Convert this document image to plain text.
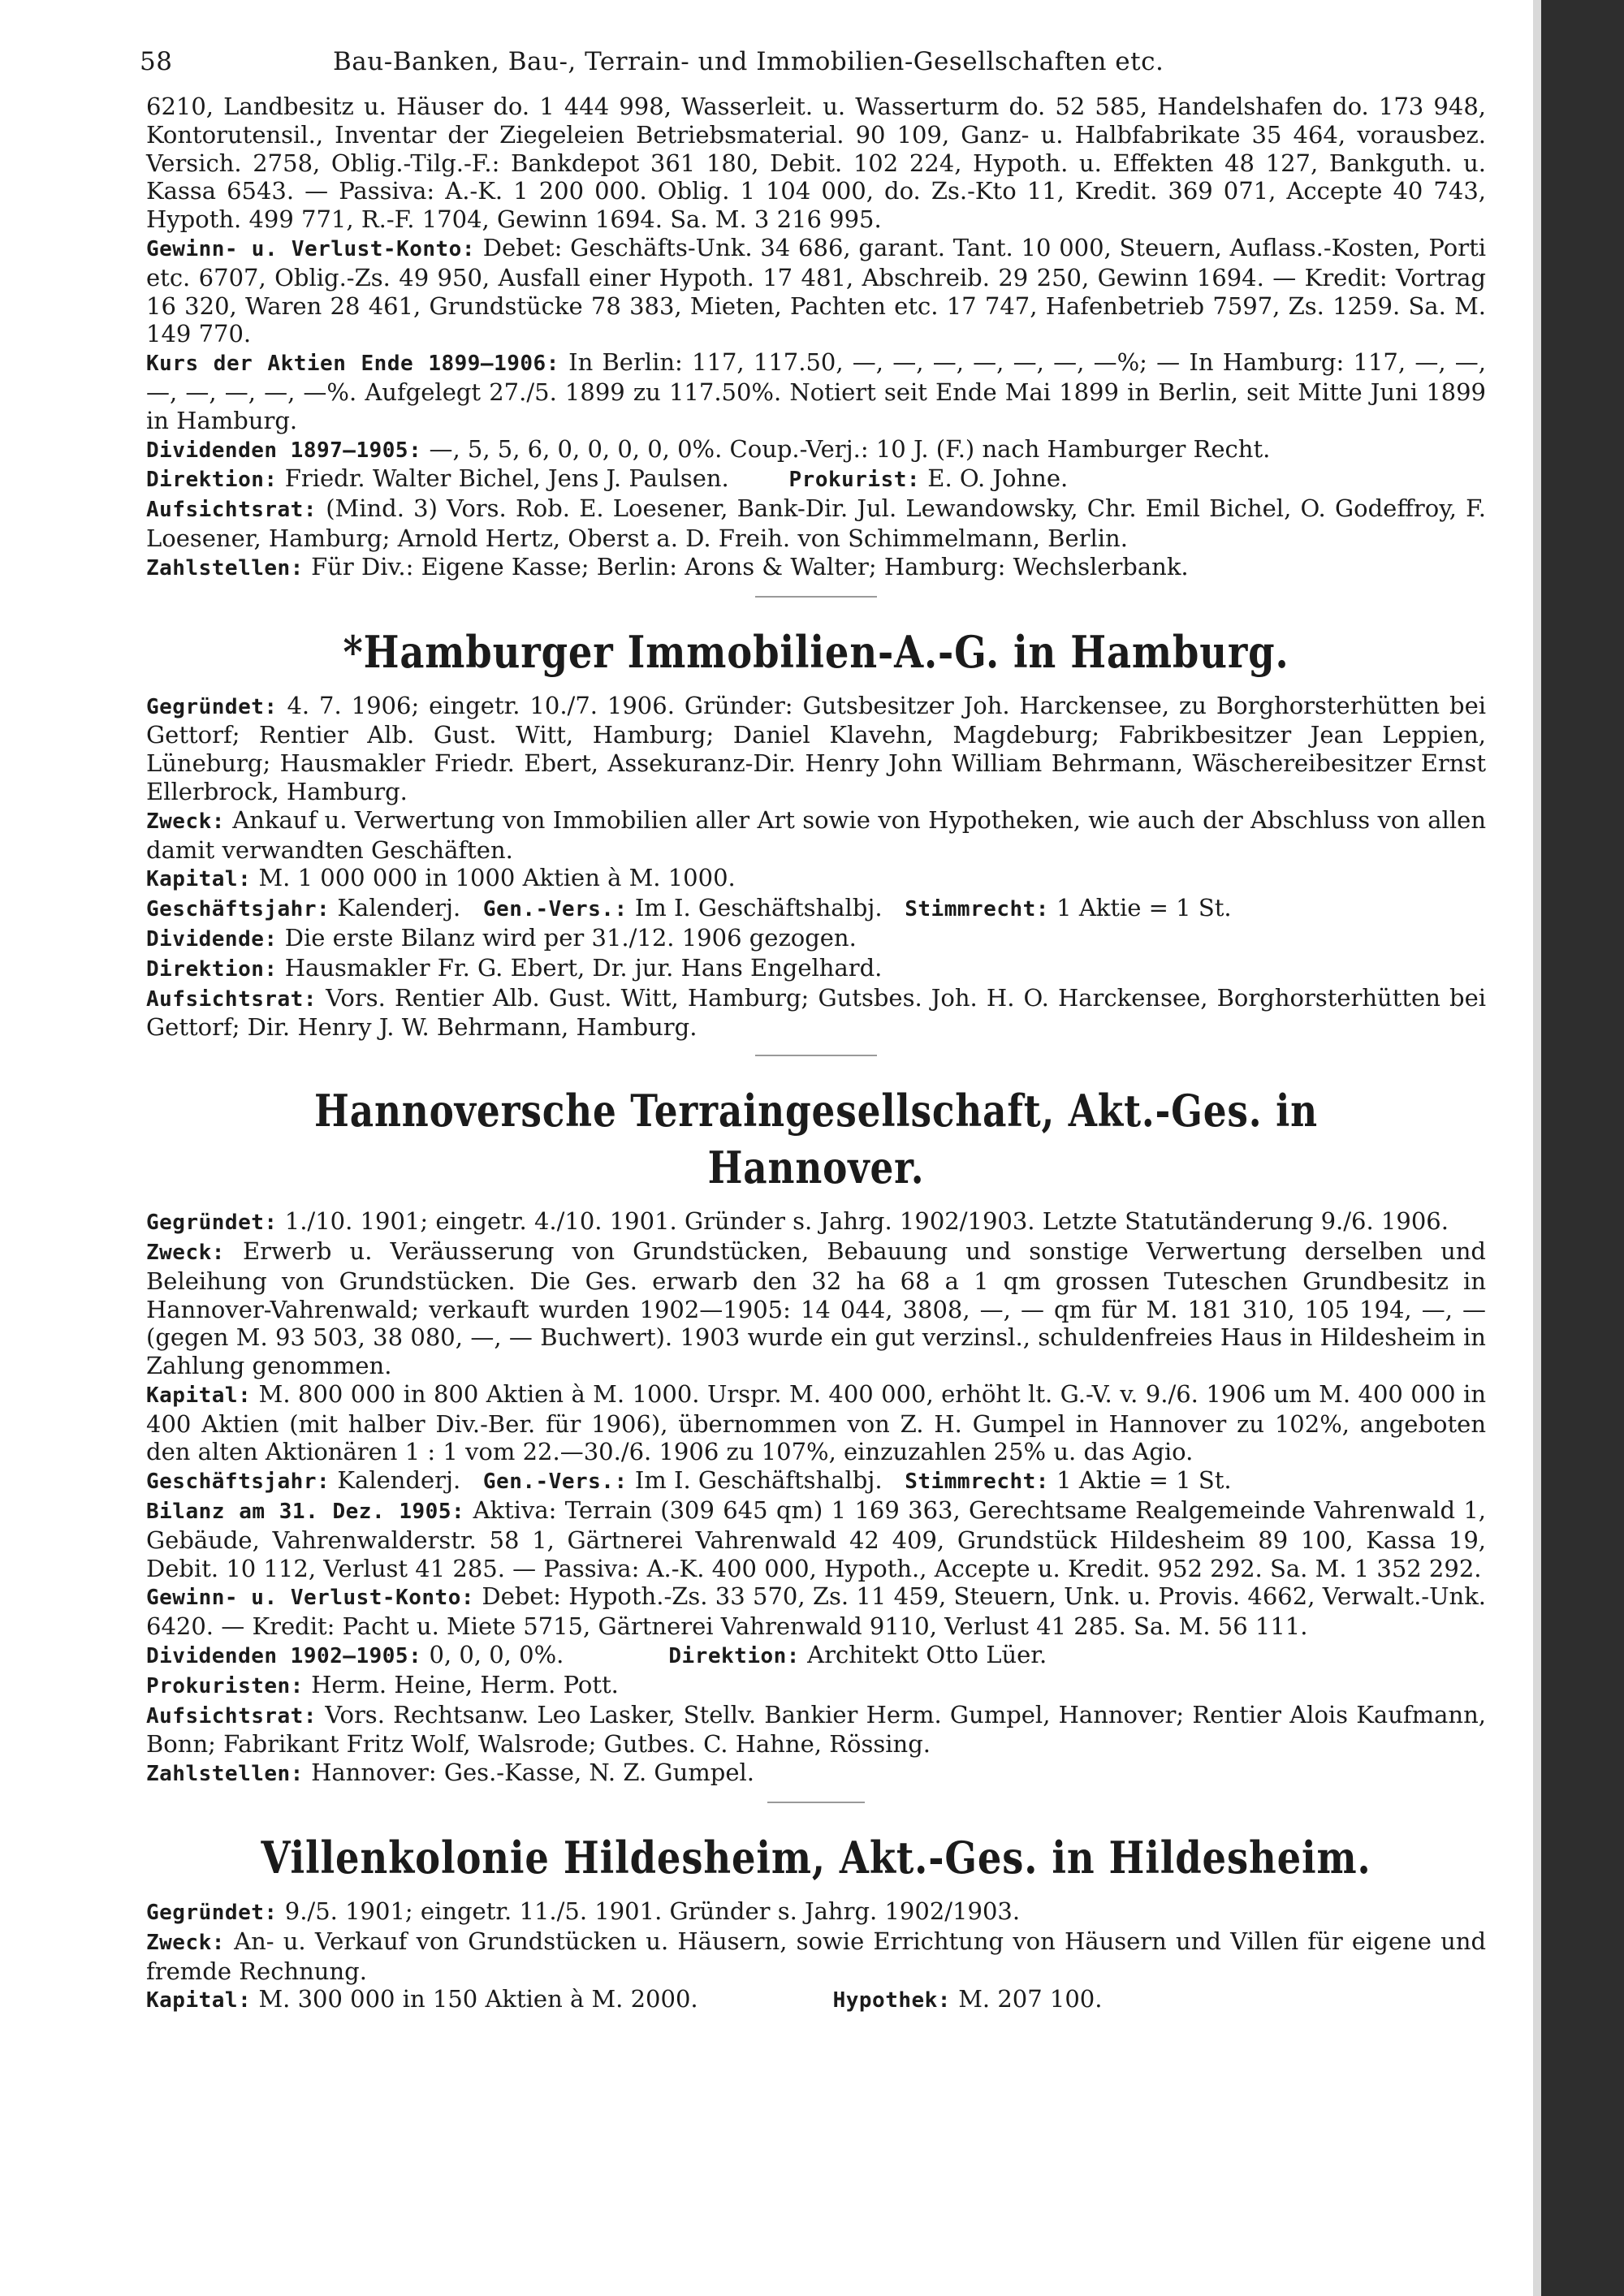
58	Bau-Banken, Bau-, Terrain- und Immobilien-Gesellschaften etc.

6210, Landbesitz u. Häuser do. 1 444 998, Wasserleit. u. Wasserturm do. 52 585, Handelshafen do. 173 948, Kontorutensil., Inventar der Ziegeleien Betriebsmaterial. 90 109, Ganz- u. Halbfabrikate 35 464, vorausbez. Versich. 2758, Oblig.-Tilg.-F.: Bankdepot 361 180, Debit. 102 224, Hypoth. u. Effekten 48 127, Bankguth. u. Kassa 6543. — Passiva: A.-K. 1 200 000. Oblig. 1 104 000, do. Zs.-Kto 11, Kredit. 369 071, Accepte 40 743, Hypoth. 499 771, R.-F. 1704, Gewinn 1694. Sa. M. 3 216 995.

Gewinn- u. Verlust-Konto: Debet: Geschäfts-Unk. 34 686, garant. Tant. 10 000, Steuern, Auflass.-Kosten, Porti etc. 6707, Oblig.-Zs. 49 950, Ausfall einer Hypoth. 17 481, Abschreib. 29 250, Gewinn 1694. — Kredit: Vortrag 16 320, Waren 28 461, Grundstücke 78 383, Mieten, Pachten etc. 17 747, Hafenbetrieb 7597, Zs. 1259. Sa. M. 149 770.

Kurs der Aktien Ende 1899—1906: In Berlin: 117, 117.50, —, —, —, —, —, —, —%; — In Hamburg: 117, —, —, —, —, —, —, —%. Aufgelegt 27./5. 1899 zu 117.50%. Notiert seit Ende Mai 1899 in Berlin, seit Mitte Juni 1899 in Hamburg.

Dividenden 1897—1905: —, 5, 5, 6, 0, 0, 0, 0, 0%. Coup.-Verj.: 10 J. (F.) nach Hamburger Recht.

Direktion: Friedr. Walter Bichel, Jens J. Paulsen.	Prokurist: E. O. Johne.

Aufsichtsrat: (Mind. 3) Vors. Rob. E. Loesener, Bank-Dir. Jul. Lewandowsky, Chr. Emil Bichel, O. Godeffroy, F. Loesener, Hamburg; Arnold Hertz, Oberst a. D. Freih. von Schimmelmann, Berlin.

Zahlstellen: Für Div.: Eigene Kasse; Berlin: Arons & Walter; Hamburg: Wechslerbank.

*Hamburger Immobilien-A.-G. in Hamburg.

Gegründet: 4. 7. 1906; eingetr. 10./7. 1906. Gründer: Gutsbesitzer Joh. Harckensee, zu Borghorsterhütten bei Gettorf; Rentier Alb. Gust. Witt, Hamburg; Daniel Klavehn, Magdeburg; Fabrikbesitzer Jean Leppien, Lüneburg; Hausmakler Friedr. Ebert, Assekuranz-Dir. Henry John William Behrmann, Wäschereibesitzer Ernst Ellerbrock, Hamburg.

Zweck: Ankauf u. Verwertung von Immobilien aller Art sowie von Hypotheken, wie auch der Abschluss von allen damit verwandten Geschäften.

Kapital: M. 1 000 000 in 1000 Aktien à M. 1000.

Geschäftsjahr: Kalenderj. Gen.-Vers.: Im I. Geschäftshalbj. Stimmrecht: 1 Aktie = 1 St.

Dividende: Die erste Bilanz wird per 31./12. 1906 gezogen.

Direktion: Hausmakler Fr. G. Ebert, Dr. jur. Hans Engelhard.

Aufsichtsrat: Vors. Rentier Alb. Gust. Witt, Hamburg; Gutsbes. Joh. H. O. Harckensee, Borghorsterhütten bei Gettorf; Dir. Henry J. W. Behrmann, Hamburg.

Hannoversche Terraingesellschaft, Akt.-Ges. in Hannover.

Gegründet: 1./10. 1901; eingetr. 4./10. 1901. Gründer s. Jahrg. 1902/1903. Letzte Statutänderung 9./6. 1906.

Zweck: Erwerb u. Veräusserung von Grundstücken, Bebauung und sonstige Verwertung derselben und Beleihung von Grundstücken. Die Ges. erwarb den 32 ha 68 a 1 qm grossen Tuteschen Grundbesitz in Hannover-Vahrenwald; verkauft wurden 1902—1905: 14 044, 3808, —, — qm für M. 181 310, 105 194, —, — (gegen M. 93 503, 38 080, —, — Buchwert). 1903 wurde ein gut verzinsl., schuldenfreies Haus in Hildesheim in Zahlung genommen.

Kapital: M. 800 000 in 800 Aktien à M. 1000. Urspr. M. 400 000, erhöht lt. G.-V. v. 9./6. 1906 um M. 400 000 in 400 Aktien (mit halber Div.-Ber. für 1906), übernommen von Z. H. Gumpel in Hannover zu 102%, angeboten den alten Aktionären 1 : 1 vom 22.—30./6. 1906 zu 107%, einzuzahlen 25% u. das Agio.

Geschäftsjahr: Kalenderj. Gen.-Vers.: Im I. Geschäftshalbj. Stimmrecht: 1 Aktie = 1 St.

Bilanz am 31. Dez. 1905: Aktiva: Terrain (309 645 qm) 1 169 363, Gerechtsame Realgemeinde Vahrenwald 1, Gebäude, Vahrenwalderstr. 58 1, Gärtnerei Vahrenwald 42 409, Grundstück Hildesheim 89 100, Kassa 19, Debit. 10 112, Verlust 41 285. — Passiva: A.-K. 400 000, Hypoth., Accepte u. Kredit. 952 292. Sa. M. 1 352 292.

Gewinn- u. Verlust-Konto: Debet: Hypoth.-Zs. 33 570, Zs. 11 459, Steuern, Unk. u. Provis. 4662, Verwalt.-Unk. 6420. — Kredit: Pacht u. Miete 5715, Gärtnerei Vahrenwald 9110, Verlust 41 285. Sa. M. 56 111.

Dividenden 1902—1905: 0, 0, 0, 0%.	Direktion: Architekt Otto Lüer.

Prokuristen: Herm. Heine, Herm. Pott.

Aufsichtsrat: Vors. Rechtsanw. Leo Lasker, Stellv. Bankier Herm. Gumpel, Hannover; Rentier Alois Kaufmann, Bonn; Fabrikant Fritz Wolf, Walsrode; Gutbes. C. Hahne, Rössing.

Zahlstellen: Hannover: Ges.-Kasse, N. Z. Gumpel.

Villenkolonie Hildesheim, Akt.-Ges. in Hildesheim.

Gegründet: 9./5. 1901; eingetr. 11./5. 1901. Gründer s. Jahrg. 1902/1903.

Zweck: An- u. Verkauf von Grundstücken u. Häusern, sowie Errichtung von Häusern und Villen für eigene und fremde Rechnung.

Kapital: M. 300 000 in 150 Aktien à M. 2000.	Hypothek: M. 207 100.
